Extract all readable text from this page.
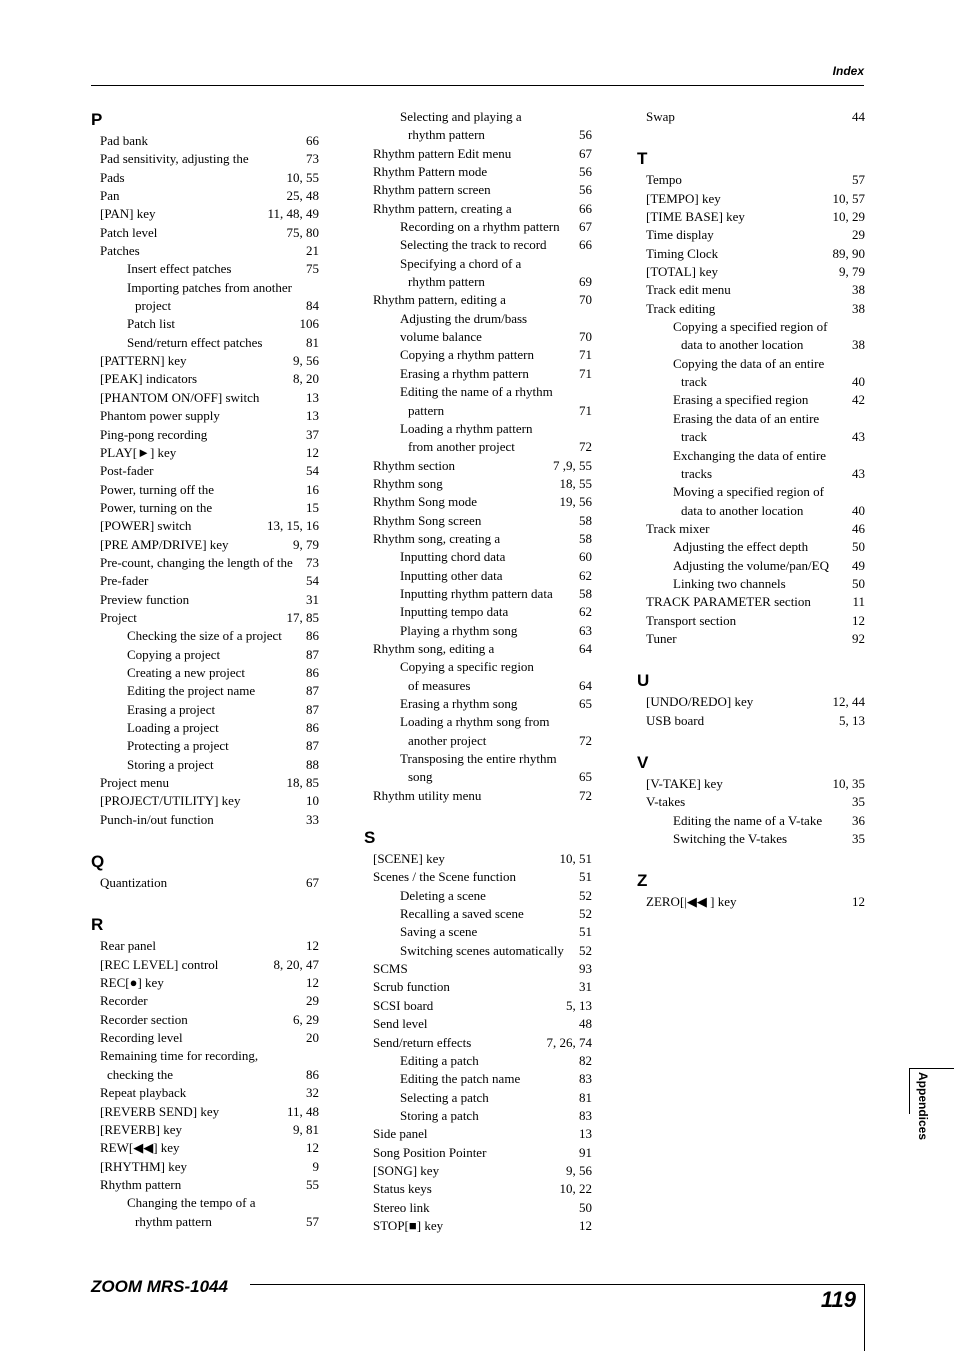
Index
P
Pad bank	66
Pad sensitivity, adjusting the	73
Pads	10, 55
Pan	25, 48
[PAN] key	11, 48, 49
Patch level	75, 80
Patches	21
Insert effect patches	75
Importing patches from another
project	84
Patch list	106
Send/return effect patches	81
[PATTERN] key	9, 56
[PEAK] indicators	8, 20
[PHANTOM ON/OFF] switch	13
Phantom power supply	13
Ping-pong recording	37
PLAY[►] key	12
Post-fader	54
Power, turning off the	16
Power, turning on the	15
[POWER] switch	13, 15, 16
[PRE AMP/DRIVE] key	9, 79
Pre-count, changing the length of the 73
Pre-fader	54
Preview function	31
Project	17, 85
Checking the size of a project 86
Copying a project	87
Creating a new project	86
Editing the project name	87
Erasing a project	87
Loading a project	86
Protecting a project	87
Storing a project	88
Project menu	18, 85
[PROJECT/UTILITY] key	10
Punch-in/out function	33
Q
Quantization	67
R
Rear panel	12
[REC LEVEL] control	8, 20, 47
REC[●] key	12
Recorder	29
Recorder section	6, 29
Recording level	20
Remaining time for recording,
checking the	86
Repeat playback	32
[REVERB SEND] key	11, 48
[REVERB] key	9, 81
REW[◀◀] key	12
[RHYTHM] key	9
Rhythm pattern	55
Changing the tempo of a
rhythm pattern	57
Selecting and playing a
rhythm pattern	56
Rhythm pattern Edit menu	67
Rhythm Pattern mode	56
Rhythm pattern screen	56
Rhythm pattern, creating a	66
Recording on a rhythm pattern 67
Selecting the track to record 66
Specifying a chord of a
rhythm pattern	69
Rhythm pattern, editing a	70
Adjusting the drum/bass
volume balance	70
Copying a rhythm pattern	71
Erasing a rhythm pattern	71
Editing the name of a rhythm
pattern	71
Loading a rhythm pattern
from another project	72
Rhythm section	7 ,9, 55
Rhythm song	18, 55
Rhythm Song mode	19, 56
Rhythm Song screen	58
Rhythm song, creating a	58
Inputting chord data	60
Inputting other data	62
Inputting rhythm pattern data 58
Inputting tempo data	62
Playing a rhythm song	63
Rhythm song, editing a	64
Copying a specific region
of measures	64
Erasing a rhythm song	65
Loading a rhythm song from
another project	72
Transposing the entire rhythm
song	65
Rhythm utility menu	72
S
[SCENE] key	10, 51
Scenes / the Scene function	51
Deleting a scene	52
Recalling a saved scene	52
Saving a scene	51
Switching scenes automatically 52
SCMS	93
Scrub function	31
SCSI board	5, 13
Send level	48
Send/return effects	7, 26, 74
Editing a patch	82
Editing the patch name	83
Selecting a patch	81
Storing a patch	83
Side panel	13
Song Position Pointer	91
[SONG] key	9, 56
Status keys	10, 22
Stereo link	50
STOP[■] key	12
Swap	44
T
Tempo	57
[TEMPO] key	10, 57
[TIME BASE] key	10, 29
Time display	29
Timing Clock	89, 90
[TOTAL] key	9, 79
Track edit menu	38
Track editing	38
Copying a specified region of
data to another location	38
Copying the data of an entire
track	40
Erasing a specified region	42
Erasing the data of an entire
track	43
Exchanging the data of entire
tracks	43
Moving a specified region of
data to another location	40
Track mixer	46
Adjusting the effect depth	50
Adjusting the volume/pan/EQ 49
Linking two channels	50
TRACK PARAMETER section	11
Transport section	12
Tuner	92
U
[UNDO/REDO] key	12, 44
USB board	5, 13
V
[V-TAKE] key	10, 35
V-takes	35
Editing the name of a V-take 36
Switching the V-takes	35
Z
ZERO[|◀◀ ] key	12
ZOOM MRS-1044
119
Appendices
